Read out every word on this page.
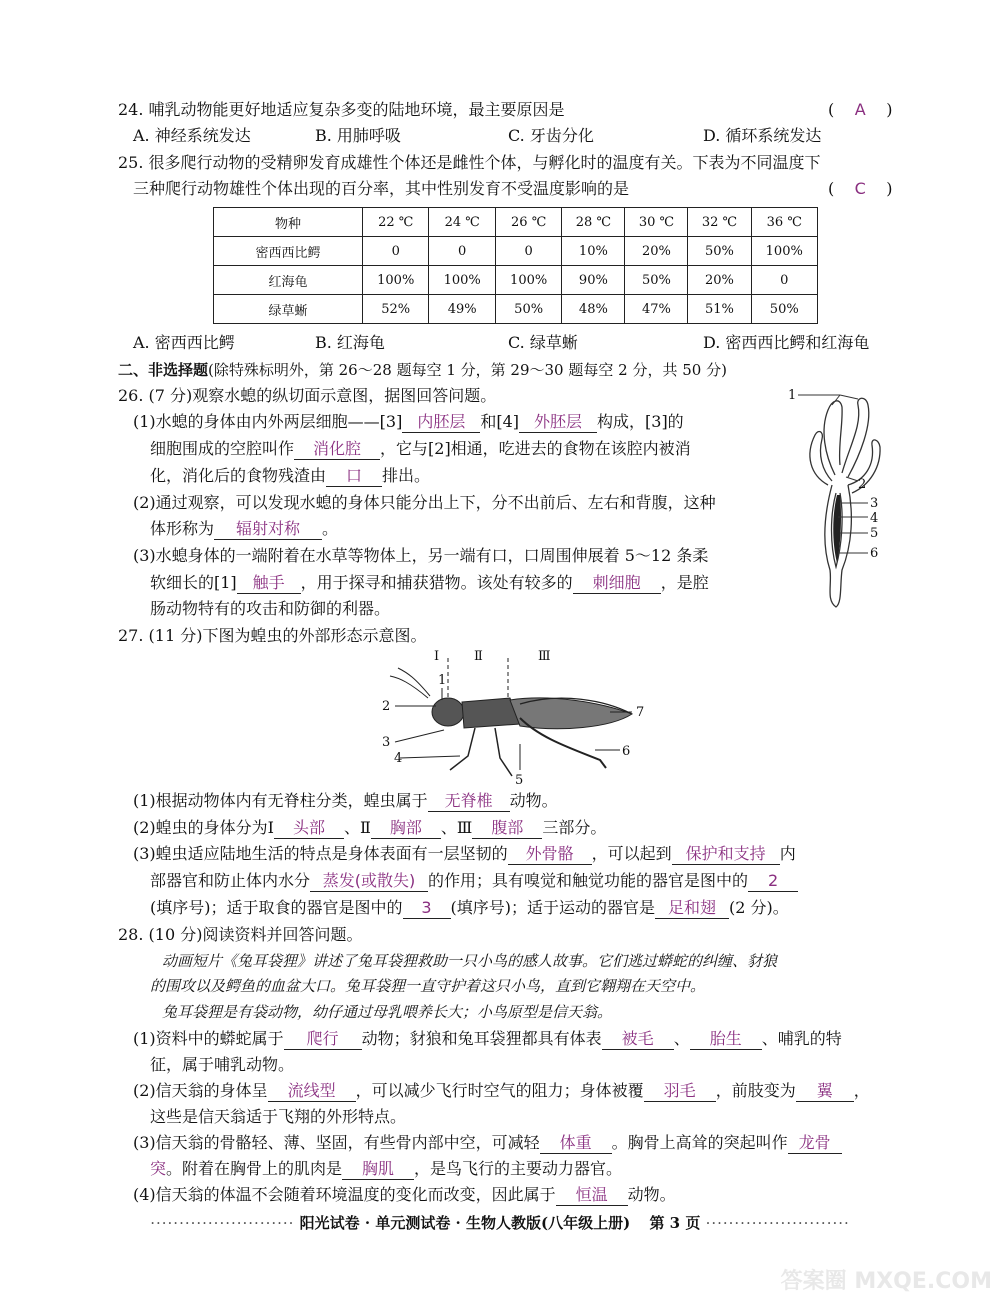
24. 哺乳动物能更好地适应复杂多变的陆地环境，最主要原因是	( A )
A. 神经系统发达	B. 用肺呼吸	C. 牙齿分化	D. 循环系统发达
25. 很多爬行动物的受精卵发育成雄性个体还是雌性个体，与孵化时的温度有关。下表为不同温度下
三种爬行动物雄性个体出现的百分率，其中性别发育不受温度影响的是	( C )
物种	22 ℃	24 ℃	26 ℃	28 ℃	30 ℃	32 ℃	36 ℃
密西西比鳄	0	0	0	10%	20%	50%	100%
红海龟	100%	100%	100%	90%	50%	20%	0
绿草蜥	52%	49%	50%	48%	47%	51%	50%
A. 密西西比鳄	B. 红海龟	C. 绿草蜥	D. 密西西比鳄和红海龟
二、非选择题(除特殊标明外，第 26～28 题每空 1 分，第 29～30 题每空 2 分，共 50 分)
26. (7 分)观察水螅的纵切面示意图，据图回答问题。
(1)水螅的身体由内外两层细胞——[3] 内胚层 和[4] 外胚层 构成，[3]的
细胞围成的空腔叫作 消化腔 ，它与[2]相通，吃进去的食物在该腔内被消
化，消化后的食物残渣由 口 排出。
(2)通过观察，可以发现水螅的身体只能分出上下，分不出前后、左右和背腹，这种
体形称为 辐射对称 。
(3)水螅身体的一端附着在水草等物体上，另一端有口，口周围伸展着 5～12 条柔
软细长的[1] 触手 ，用于探寻和捕获猎物。该处有较多的 刺细胞 ，是腔
肠动物特有的攻击和防御的利器。
1
2
3
4
5
6
27. (11 分)下图为蝗虫的外部形态示意图。
Ⅰ	Ⅱ	Ⅲ
1
2
3
4
5
6
7
(1)根据动物体内有无脊柱分类，蝗虫属于 无脊椎 动物。
(2)蝗虫的身体分为Ⅰ 头部 、Ⅱ 胸部 、Ⅲ 腹部 三部分。
(3)蝗虫适应陆地生活的特点是身体表面有一层坚韧的 外骨骼 ，可以起到 保护和支持 内
部器官和防止体内水分 蒸发(或散失) 的作用；具有嗅觉和触觉功能的器官是图中的 2
(填序号)；适于取食的器官是图中的 3 (填序号)；适于运动的器官是 足和翅 (2 分)。
28. (10 分)阅读资料并回答问题。
动画短片《兔耳袋狸》讲述了兔耳袋狸救助一只小鸟的感人故事。它们逃过蟒蛇的纠缠、豺狼
的围攻以及鳄鱼的血盆大口。兔耳袋狸一直守护着这只小鸟，直到它翱翔在天空中。
兔耳袋狸是有袋动物，幼仔通过母乳喂养长大；小鸟原型是信天翁。
(1)资料中的蟒蛇属于 爬行 动物；豺狼和兔耳袋狸都具有体表 被毛 、 胎生 、哺乳的特
征，属于哺乳动物。
(2)信天翁的身体呈 流线型 ，可以减少飞行时空气的阻力；身体被覆 羽毛 ，前肢变为 翼 ，
这些是信天翁适于飞翔的外形特点。
(3)信天翁的骨骼轻、薄、坚固，有些骨内部中空，可减轻 体重 。胸骨上高耸的突起叫作 龙骨
突。附着在胸骨上的肌肉是 胸肌 ，是鸟飞行的主要动力器官。
(4)信天翁的体温不会随着环境温度的变化而改变，因此属于 恒温 动物。
························· 阳光试卷 · 单元测试卷 · 生物人教版(八年级上册) 第 3 页 ·························
答案圈 MXQE.COM
